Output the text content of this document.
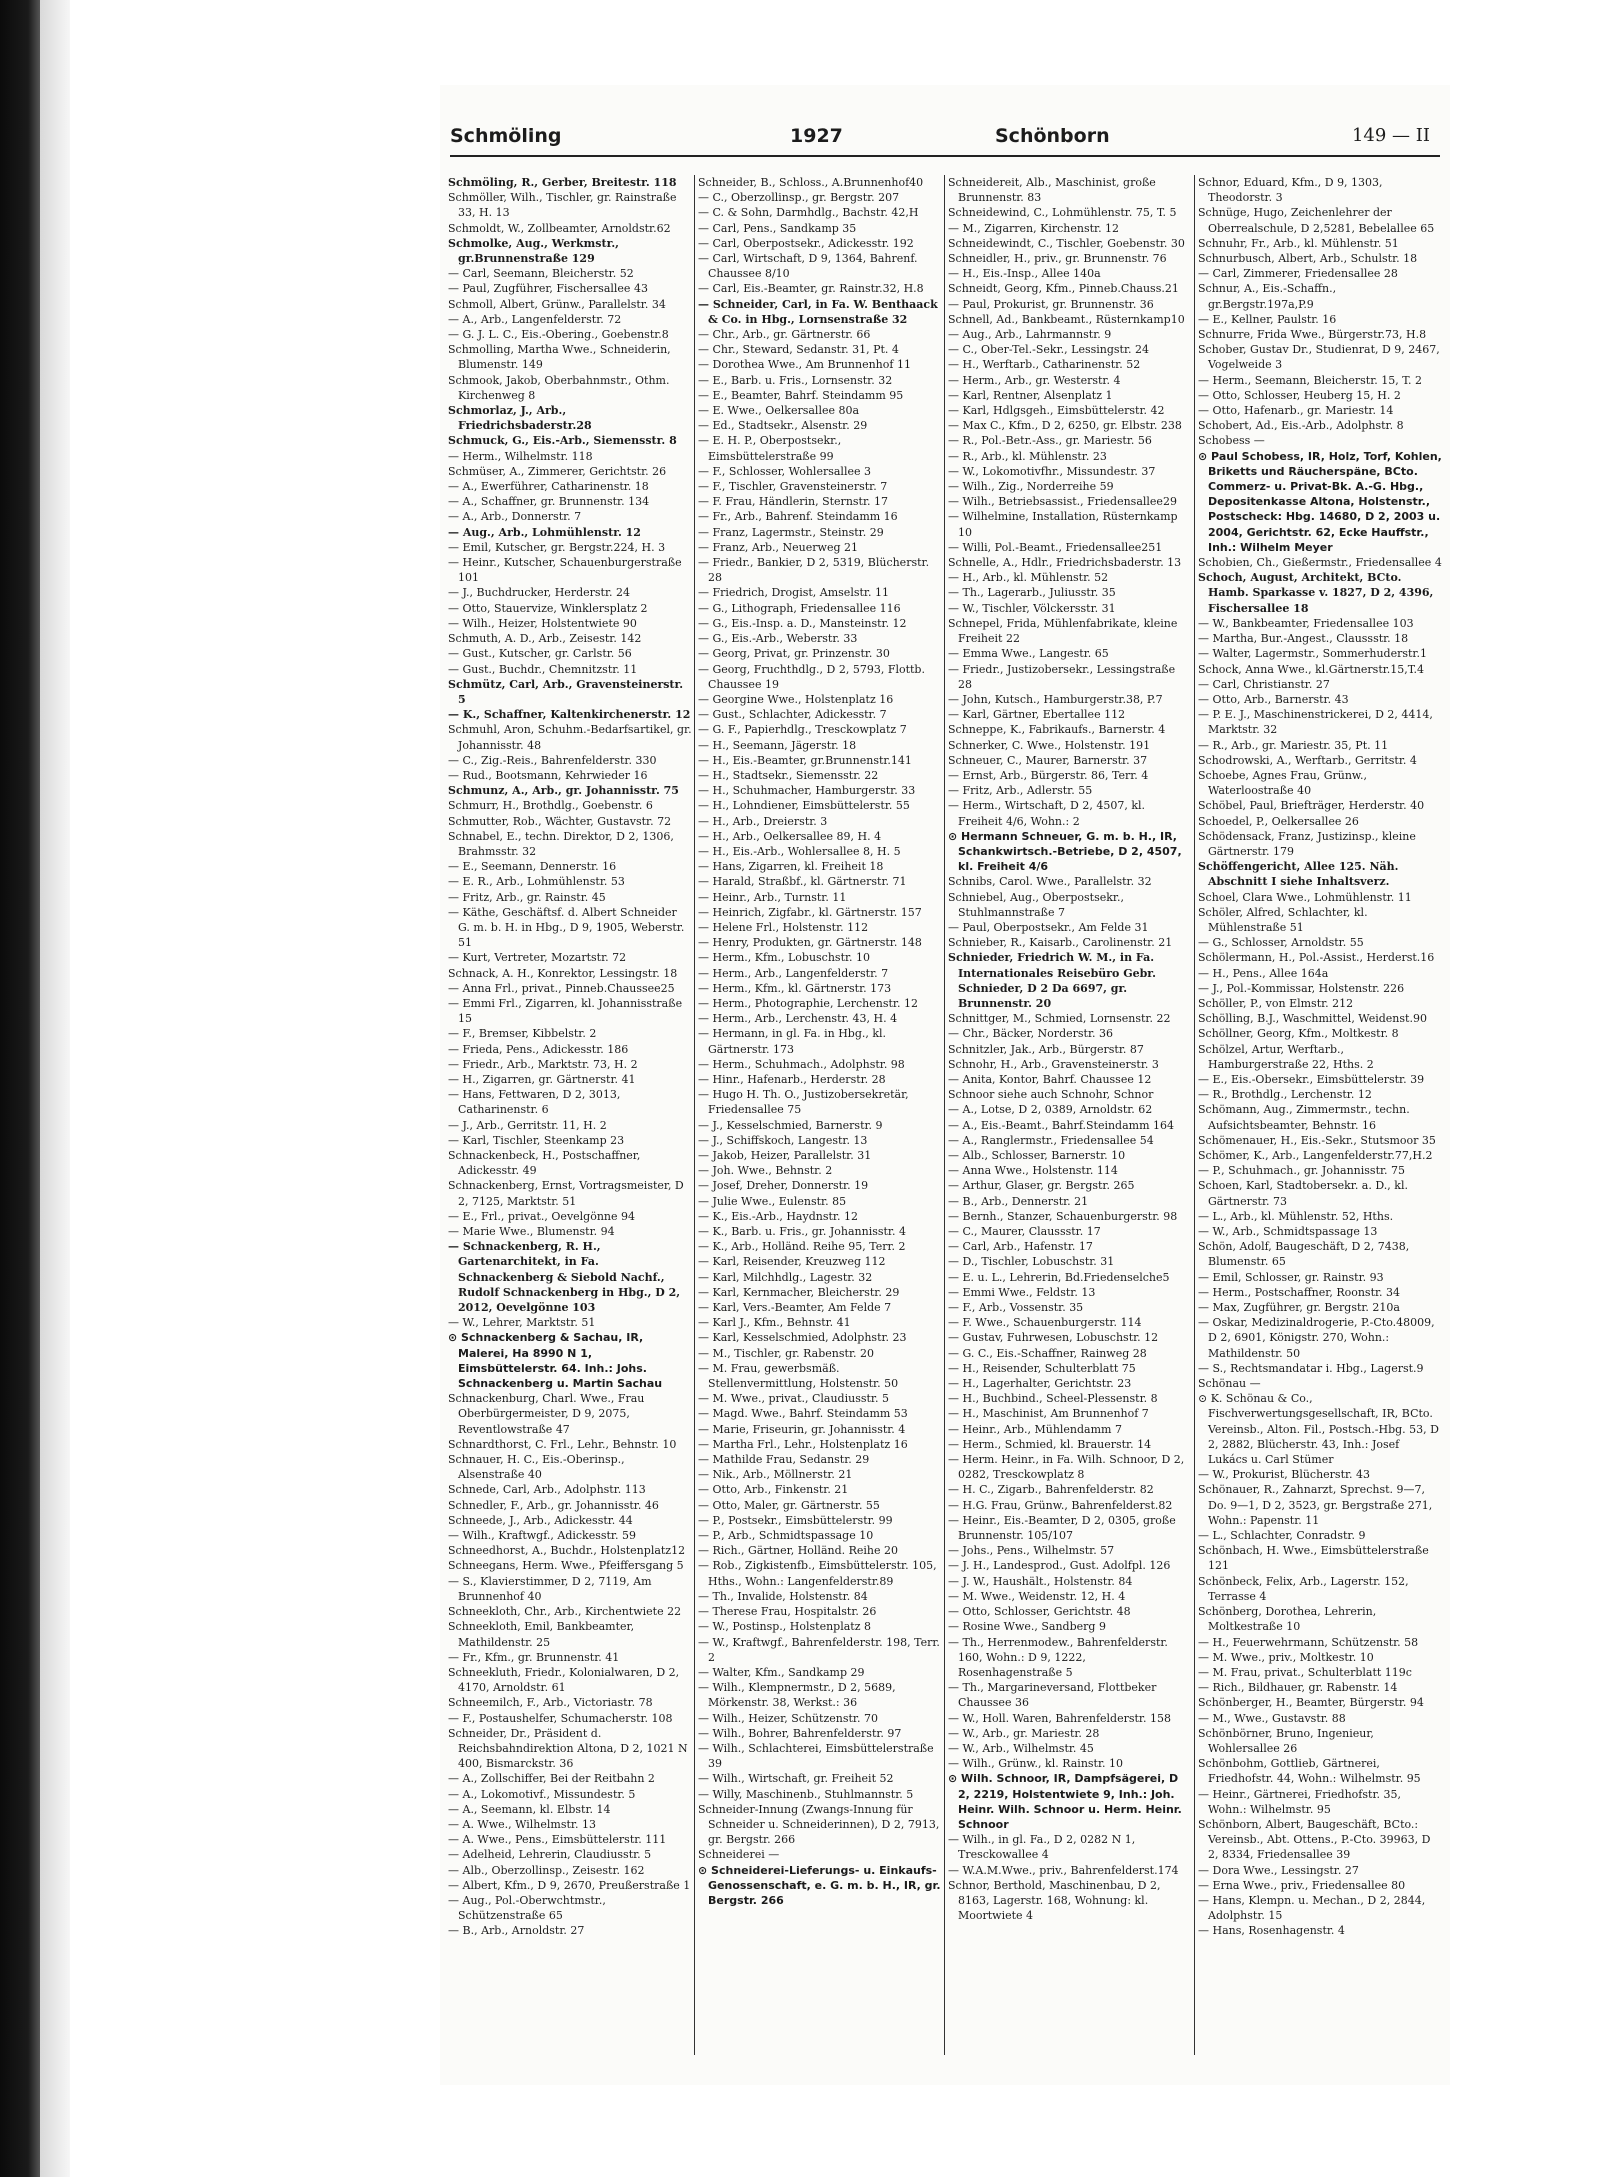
Schmöling	1927	Schönborn	149 — II

Schmöling, R., Gerber, Breitestr. 118

Schmöller, Wilh., Tischler, gr. Rainstraße 33, H. 13

Schmoldt, W., Zollbeamter, Arnoldstr.62

Schmolke, Aug., Werkmstr., gr.Brunnenstraße 129

— Carl, Seemann, Bleicherstr. 52

— Paul, Zugführer, Fischersallee 43

Schmoll, Albert, Grünw., Parallelstr. 34

— A., Arb., Langenfelderstr. 72

— G. J. L. C., Eis.-Obering., Goebenstr.8

Schmolling, Martha Wwe., Schneiderin, Blumenstr. 149

Schmook, Jakob, Oberbahnmstr., Othm. Kirchenweg 8

Schmorlaz, J., Arb., Friedrichsbaderstr.28

Schmuck, G., Eis.-Arb., Siemensstr. 8

— Herm., Wilhelmstr. 118

Schmüser, A., Zimmerer, Gerichtstr. 26

— A., Ewerführer, Catharinenstr. 18

— A., Schaffner, gr. Brunnenstr. 134

— A., Arb., Donnerstr. 7

— Aug., Arb., Lohmühlenstr. 12

— Emil, Kutscher, gr. Bergstr.224, H. 3

— Heinr., Kutscher, Schauenburgerstraße 101

— J., Buchdrucker, Herderstr. 24

— Otto, Stauervize, Winklersplatz 2

— Wilh., Heizer, Holstentwiete 90

Schmuth, A. D., Arb., Zeisestr. 142

— Gust., Kutscher, gr. Carlstr. 56

— Gust., Buchdr., Chemnitzstr. 11

Schmütz, Carl, Arb., Gravensteinerstr. 5

— K., Schaffner, Kaltenkirchenerstr. 12

Schmuhl, Aron, Schuhm.-Bedarfsartikel, gr. Johannisstr. 48

— C., Zig.-Reis., Bahrenfelderstr. 330

— Rud., Bootsmann, Kehrwieder 16

Schmunz, A., Arb., gr. Johannisstr. 75

Schmurr, H., Brothdlg., Goebenstr. 6

Schmutter, Rob., Wächter, Gustavstr. 72

Schnabel, E., techn. Direktor, D 2, 1306, Brahmsstr. 32

— E., Seemann, Dennerstr. 16

— E. R., Arb., Lohmühlenstr. 53

— Fritz, Arb., gr. Rainstr. 45

— Käthe, Geschäftsf. d. Albert Schneider G. m. b. H. in Hbg., D 9, 1905, Weberstr. 51

— Kurt, Vertreter, Mozartstr. 72

Schnack, A. H., Konrektor, Lessingstr. 18

— Anna Frl., privat., Pinneb.Chaussee25

— Emmi Frl., Zigarren, kl. Johannisstraße 15

— F., Bremser, Kibbelstr. 2

— Frieda, Pens., Adickesstr. 186

— Friedr., Arb., Marktstr. 73, H. 2

— H., Zigarren, gr. Gärtnerstr. 41

— Hans, Fettwaren, D 2, 3013, Catharinenstr. 6

— J., Arb., Gerritstr. 11, H. 2

— Karl, Tischler, Steenkamp 23

Schnackenbeck, H., Postschaffner, Adickesstr. 49

Schnackenberg, Ernst, Vortragsmeister, D 2, 7125, Marktstr. 51

— E., Frl., privat., Oevelgönne 94

— Marie Wwe., Blumenstr. 94

— Schnackenberg, R. H., Gartenarchitekt, in Fa. Schnackenberg & Siebold Nachf., Rudolf Schnackenberg in Hbg., D 2, 2012, Oevelgönne 103

— W., Lehrer, Marktstr. 51

⊙ Schnackenberg & Sachau, IR, Malerei, Ha 8990 N 1, Eimsbüttelerstr. 64. Inh.: Johs. Schnackenberg u. Martin Sachau

Schnackenburg, Charl. Wwe., Frau Oberbürgermeister, D 9, 2075, Reventlowstraße 47

Schnardthorst, C. Frl., Lehr., Behnstr. 10

Schnauer, H. C., Eis.-Oberinsp., Alsenstraße 40

Schnede, Carl, Arb., Adolphstr. 113

Schnedler, F., Arb., gr. Johannisstr. 46

Schneede, J., Arb., Adickesstr. 44

— Wilh., Kraftwgf., Adickesstr. 59

Schneedhorst, A., Buchdr., Holstenplatz12

Schneegans, Herm. Wwe., Pfeiffersgang 5

— S., Klavierstimmer, D 2, 7119, Am Brunnenhof 40

Schneekloth, Chr., Arb., Kirchentwiete 22

Schneekloth, Emil, Bankbeamter, Mathildenstr. 25

— Fr., Kfm., gr. Brunnenstr. 41

Schneekluth, Friedr., Kolonialwaren, D 2, 4170, Arnoldstr. 61

Schneemilch, F., Arb., Victoriastr. 78

— F., Postaushelfer, Schumacherstr. 108

Schneider, Dr., Präsident d. Reichsbahndirektion Altona, D 2, 1021 N 400, Bismarckstr. 36

— A., Zollschiffer, Bei der Reitbahn 2

— A., Lokomotivf., Missundestr. 5

— A., Seemann, kl. Elbstr. 14

— A. Wwe., Wilhelmstr. 13

— A. Wwe., Pens., Eimsbüttelerstr. 111

— Adelheid, Lehrerin, Claudiusstr. 5

— Alb., Oberzollinsp., Zeisestr. 162

— Albert, Kfm., D 9, 2670, Preußerstraße 1

— Aug., Pol.-Oberwchtmstr., Schützenstraße 65

— B., Arb., Arnoldstr. 27

Schneider, B., Schloss., A.Brunnenhof40

— C., Oberzollinsp., gr. Bergstr. 207

— C. & Sohn, Darmhdlg., Bachstr. 42,H

— Carl, Pens., Sandkamp 35

— Carl, Oberpostsekr., Adickesstr. 192

— Carl, Wirtschaft, D 9, 1364, Bahrenf. Chaussee 8/10

— Carl, Eis.-Beamter, gr. Rainstr.32, H.8

— Schneider, Carl, in Fa. W. Benthaack & Co. in Hbg., Lornsenstraße 32

— Chr., Arb., gr. Gärtnerstr. 66

— Chr., Steward, Sedanstr. 31, Pt. 4

— Dorothea Wwe., Am Brunnenhof 11

— E., Barb. u. Fris., Lornsenstr. 32

— E., Beamter, Bahrf. Steindamm 95

— E. Wwe., Oelkersallee 80a

— Ed., Stadtsekr., Alsenstr. 29

— E. H. P., Oberpostsekr., Eimsbüttelerstraße 99

— F., Schlosser, Wohlersallee 3

— F., Tischler, Gravensteinerstr. 7

— F. Frau, Händlerin, Sternstr. 17

— Fr., Arb., Bahrenf. Steindamm 16

— Franz, Lagermstr., Steinstr. 29

— Franz, Arb., Neuerweg 21

— Friedr., Bankier, D 2, 5319, Blücherstr. 28

— Friedrich, Drogist, Amselstr. 11

— G., Lithograph, Friedensallee 116

— G., Eis.-Insp. a. D., Mansteinstr. 12

— G., Eis.-Arb., Weberstr. 33

— Georg, Privat, gr. Prinzenstr. 30

— Georg, Fruchthdlg., D 2, 5793, Flottb. Chaussee 19

— Georgine Wwe., Holstenplatz 16

— Gust., Schlachter, Adickesstr. 7

— G. F., Papierhdlg., Tresckowplatz 7

— H., Seemann, Jägerstr. 18

— H., Eis.-Beamter, gr.Brunnenstr.141

— H., Stadtsekr., Siemensstr. 22

— H., Schuhmacher, Hamburgerstr. 33

— H., Lohndiener, Eimsbüttelerstr. 55

— H., Arb., Dreierstr. 3

— H., Arb., Oelkersallee 89, H. 4

— H., Eis.-Arb., Wohlersallee 8, H. 5

— Hans, Zigarren, kl. Freiheit 18

— Harald, Straßbf., kl. Gärtnerstr. 71

— Heinr., Arb., Turnstr. 11

— Heinrich, Zigfabr., kl. Gärtnerstr. 157

— Helene Frl., Holstenstr. 112

— Henry, Produkten, gr. Gärtnerstr. 148

— Herm., Kfm., Lobuschstr. 10

— Herm., Arb., Langenfelderstr. 7

— Herm., Kfm., kl. Gärtnerstr. 173

— Herm., Photographie, Lerchenstr. 12

— Herm., Arb., Lerchenstr. 43, H. 4

— Hermann, in gl. Fa. in Hbg., kl. Gärtnerstr. 173

— Herm., Schuhmach., Adolphstr. 98

— Hinr., Hafenarb., Herderstr. 28

— Hugo H. Th. O., Justizobersekretär, Friedensallee 75

— J., Kesselschmied, Barnerstr. 9

— J., Schiffskoch, Langestr. 13

— Jakob, Heizer, Parallelstr. 31

— Joh. Wwe., Behnstr. 2

— Josef, Dreher, Donnerstr. 19

— Julie Wwe., Eulenstr. 85

— K., Eis.-Arb., Haydnstr. 12

— K., Barb. u. Fris., gr. Johannisstr. 4

— K., Arb., Holländ. Reihe 95, Terr. 2

— Karl, Reisender, Kreuzweg 112

— Karl, Milchhdlg., Lagestr. 32

— Karl, Kernmacher, Bleicherstr. 29

— Karl, Vers.-Beamter, Am Felde 7

— Karl J., Kfm., Behnstr. 41

— Karl, Kesselschmied, Adolphstr. 23

— M., Tischler, gr. Rabenstr. 20

— M. Frau, gewerbsmäß. Stellenvermittlung, Holstenstr. 50

— M. Wwe., privat., Claudiusstr. 5

— Magd. Wwe., Bahrf. Steindamm 53

— Marie, Friseurin, gr. Johannisstr. 4

— Martha Frl., Lehr., Holstenplatz 16

— Mathilde Frau, Sedanstr. 29

— Nik., Arb., Möllnerstr. 21

— Otto, Arb., Finkenstr. 21

— Otto, Maler, gr. Gärtnerstr. 55

— P., Postsekr., Eimsbüttelerstr. 99

— P., Arb., Schmidtspassage 10

— Rich., Gärtner, Holländ. Reihe 20

— Rob., Zigkistenfb., Eimsbüttelerstr. 105, Hths., Wohn.: Langenfelderstr.89

— Th., Invalide, Holstenstr. 84

— Therese Frau, Hospitalstr. 26

— W., Postinsp., Holstenplatz 8

— W., Kraftwgf., Bahrenfelderstr. 198, Terr. 2

— Walter, Kfm., Sandkamp 29

— Wilh., Klempnermstr., D 2, 5689, Mörkenstr. 38, Werkst.: 36

— Wilh., Heizer, Schützenstr. 70

— Wilh., Bohrer, Bahrenfelderstr. 97

— Wilh., Schlachterei, Eimsbüttelerstraße 39

— Wilh., Wirtschaft, gr. Freiheit 52

— Willy, Maschinenb., Stuhlmannstr. 5

Schneider-Innung (Zwangs-Innung für Schneider u. Schneiderinnen), D 2, 7913, gr. Bergstr. 266

Schneiderei —

⊙ Schneiderei-Lieferungs- u. Einkaufs-Genossenschaft, e. G. m. b. H., IR, gr. Bergstr. 266

Schneidereit, Alb., Maschinist, große Brunnenstr. 83

Schneidewind, C., Lohmühlenstr. 75, T. 5

— M., Zigarren, Kirchenstr. 12

Schneidewindt, C., Tischler, Goebenstr. 30

Schneidler, H., priv., gr. Brunnenstr. 76

— H., Eis.-Insp., Allee 140a

Schneidt, Georg, Kfm., Pinneb.Chauss.21

— Paul, Prokurist, gr. Brunnenstr. 36

Schnell, Ad., Bankbeamt., Rüsternkamp10

— Aug., Arb., Lahrmannstr. 9

— C., Ober-Tel.-Sekr., Lessingstr. 24

— H., Werftarb., Catharinenstr. 52

— Herm., Arb., gr. Westerstr. 4

— Karl, Rentner, Alsenplatz 1

— Karl, Hdlgsgeh., Eimsbüttelerstr. 42

— Max C., Kfm., D 2, 6250, gr. Elbstr. 238

— R., Pol.-Betr.-Ass., gr. Mariestr. 56

— R., Arb., kl. Mühlenstr. 23

— W., Lokomotivfhr., Missundestr. 37

— Wilh., Zig., Norderreihe 59

— Wilh., Betriebsassist., Friedensallee29

— Wilhelmine, Installation, Rüsternkamp 10

— Willi, Pol.-Beamt., Friedensallee251

Schnelle, A., Hdlr., Friedrichsbaderstr. 13

— H., Arb., kl. Mühlenstr. 52

— Th., Lagerarb., Juliusstr. 35

— W., Tischler, Völckersstr. 31

Schnepel, Frida, Mühlenfabrikate, kleine Freiheit 22

— Emma Wwe., Langestr. 65

— Friedr., Justizobersekr., Lessingstraße 28

— John, Kutsch., Hamburgerstr.38, P.7

— Karl, Gärtner, Ebertallee 112

Schneppe, K., Fabrikaufs., Barnerstr. 4

Schnerker, C. Wwe., Holstenstr. 191

Schneuer, C., Maurer, Barnerstr. 37

— Ernst, Arb., Bürgerstr. 86, Terr. 4

— Fritz, Arb., Adlerstr. 55

— Herm., Wirtschaft, D 2, 4507, kl. Freiheit 4/6, Wohn.: 2

⊙ Hermann Schneuer, G. m. b. H., IR, Schankwirtsch.-Betriebe, D 2, 4507, kl. Freiheit 4/6

Schnibs, Carol. Wwe., Parallelstr. 32

Schniebel, Aug., Oberpostsekr., Stuhlmannstraße 7

— Paul, Oberpostsekr., Am Felde 31

Schnieber, R., Kaisarb., Carolinenstr. 21

Schnieder, Friedrich W. M., in Fa. Internationales Reisebüro Gebr. Schnieder, D 2 Da 6697, gr. Brunnenstr. 20

Schnittger, M., Schmied, Lornsenstr. 22

— Chr., Bäcker, Norderstr. 36

Schnitzler, Jak., Arb., Bürgerstr. 87

Schnohr, H., Arb., Gravensteinerstr. 3

— Anita, Kontor, Bahrf. Chaussee 12

Schnoor siehe auch Schnohr, Schnor

— A., Lotse, D 2, 0389, Arnoldstr. 62

— A., Eis.-Beamt., Bahrf.Steindamm 164

— A., Ranglermstr., Friedensallee 54

— Alb., Schlosser, Barnerstr. 10

— Anna Wwe., Holstenstr. 114

— Arthur, Glaser, gr. Bergstr. 265

— B., Arb., Dennerstr. 21

— Bernh., Stanzer, Schauenburgerstr. 98

— C., Maurer, Claussstr. 17

— Carl, Arb., Hafenstr. 17

— D., Tischler, Lobuschstr. 31

— E. u. L., Lehrerin, Bd.Friedenselche5

— Emmi Wwe., Feldstr. 13

— F., Arb., Vossenstr. 35

— F. Wwe., Schauenburgerstr. 114

— Gustav, Fuhrwesen, Lobuschstr. 12

— G. C., Eis.-Schaffner, Rainweg 28

— H., Reisender, Schulterblatt 75

— H., Lagerhalter, Gerichtstr. 23

— H., Buchbind., Scheel-Plessenstr. 8

— H., Maschinist, Am Brunnenhof 7

— Heinr., Arb., Mühlendamm 7

— Herm., Schmied, kl. Brauerstr. 14

— Herm. Heinr., in Fa. Wilh. Schnoor, D 2, 0282, Tresckowplatz 8

— H. C., Zigarb., Bahrenfelderstr. 82

— H.G. Frau, Grünw., Bahrenfelderst.82

— Heinr., Eis.-Beamter, D 2, 0305, große Brunnenstr. 105/107

— Johs., Pens., Wilhelmstr. 57

— J. H., Landesprod., Gust. Adolfpl. 126

— J. W., Haushält., Holstenstr. 84

— M. Wwe., Weidenstr. 12, H. 4

— Otto, Schlosser, Gerichtstr. 48

— Rosine Wwe., Sandberg 9

— Th., Herrenmodew., Bahrenfelderstr. 160, Wohn.: D 9, 1222, Rosenhagenstraße 5

— Th., Margarineversand, Flottbeker Chaussee 36

— W., Holl. Waren, Bahrenfelderstr. 158

— W., Arb., gr. Mariestr. 28

— W., Arb., Wilhelmstr. 45

— Wilh., Grünw., kl. Rainstr. 10

⊙ Wilh. Schnoor, IR, Dampfsägerei, D 2, 2219, Holstentwiete 9, Inh.: Joh. Heinr. Wilh. Schnoor u. Herm. Heinr. Schnoor

— Wilh., in gl. Fa., D 2, 0282 N 1, Tresckowallee 4

— W.A.M.Wwe., priv., Bahrenfelderst.174

Schnor, Berthold, Maschinenbau, D 2, 8163, Lagerstr. 168, Wohnung: kl. Moortwiete 4

Schnor, Eduard, Kfm., D 9, 1303, Theodorstr. 3

Schnüge, Hugo, Zeichenlehrer der Oberrealschule, D 2,5281, Bebelallee 65

Schnuhr, Fr., Arb., kl. Mühlenstr. 51

Schnurbusch, Albert, Arb., Schulstr. 18

— Carl, Zimmerer, Friedensallee 28

Schnur, A., Eis.-Schaffn., gr.Bergstr.197a,P.9

— E., Kellner, Paulstr. 16

Schnurre, Frida Wwe., Bürgerstr.73, H.8

Schober, Gustav Dr., Studienrat, D 9, 2467, Vogelweide 3

— Herm., Seemann, Bleicherstr. 15, T. 2

— Otto, Schlosser, Heuberg 15, H. 2

— Otto, Hafenarb., gr. Mariestr. 14

Schobert, Ad., Eis.-Arb., Adolphstr. 8

Schobess —

⊙ Paul Schobess, IR, Holz, Torf, Kohlen, Briketts und Räucherspäne, BCto. Commerz- u. Privat-Bk. A.-G. Hbg., Depositenkasse Altona, Holstenstr., Postscheck: Hbg. 14680, D 2, 2003 u. 2004, Gerichtstr. 62, Ecke Hauffstr., Inh.: Wilhelm Meyer

Schobien, Ch., Gießermstr., Friedensallee 4

Schoch, August, Architekt, BCto. Hamb. Sparkasse v. 1827, D 2, 4396, Fischersallee 18

— W., Bankbeamter, Friedensallee 103

— Martha, Bur.-Angest., Claussstr. 18

— Walter, Lagermstr., Sommerhuderstr.1

Schock, Anna Wwe., kl.Gärtnerstr.15,T.4

— Carl, Christianstr. 27

— Otto, Arb., Barnerstr. 43

— P. E. J., Maschinenstrickerei, D 2, 4414, Marktstr. 32

— R., Arb., gr. Mariestr. 35, Pt. 11

Schodrowski, A., Werftarb., Gerritstr. 4

Schoebe, Agnes Frau, Grünw., Waterloostraße 40

Schöbel, Paul, Briefträger, Herderstr. 40

Schoedel, P., Oelkersallee 26

Schödensack, Franz, Justizinsp., kleine Gärtnerstr. 179

Schöffengericht, Allee 125. Näh. Abschnitt I siehe Inhaltsverz.

Schoel, Clara Wwe., Lohmühlenstr. 11

Schöler, Alfred, Schlachter, kl. Mühlenstraße 51

— G., Schlosser, Arnoldstr. 55

Schölermann, H., Pol.-Assist., Herderst.16

— H., Pens., Allee 164a

— J., Pol.-Kommissar, Holstenstr. 226

Schöller, P., von Elmstr. 212

Schölling, B.J., Waschmittel, Weidenst.90

Schöllner, Georg, Kfm., Moltkestr. 8

Schölzel, Artur, Werftarb., Hamburgerstraße 22, Hths. 2

— E., Eis.-Obersekr., Eimsbüttelerstr. 39

— R., Brothdlg., Lerchenstr. 12

Schömann, Aug., Zimmermstr., techn. Aufsichtsbeamter, Behnstr. 16

Schömenauer, H., Eis.-Sekr., Stutsmoor 35

Schömer, K., Arb., Langenfelderstr.77,H.2

— P., Schuhmach., gr. Johannisstr. 75

Schoen, Karl, Stadtobersekr. a. D., kl. Gärtnerstr. 73

— L., Arb., kl. Mühlenstr. 52, Hths.

— W., Arb., Schmidtspassage 13

Schön, Adolf, Baugeschäft, D 2, 7438, Blumenstr. 65

— Emil, Schlosser, gr. Rainstr. 93

— Herm., Postschaffner, Roonstr. 34

— Max, Zugführer, gr. Bergstr. 210a

— Oskar, Medizinaldrogerie, P.-Cto.48009, D 2, 6901, Königstr. 270, Wohn.: Mathildenstr. 50

— S., Rechtsmandatar i. Hbg., Lagerst.9

Schönau —

⊙ K. Schönau & Co., Fischverwertungsgesellschaft, IR, BCto. Vereinsb., Alton. Fil., Postsch.-Hbg. 53, D 2, 2882, Blücherstr. 43, Inh.: Josef Lukács u. Carl Stümer

— W., Prokurist, Blücherstr. 43

Schönauer, R., Zahnarzt, Sprechst. 9—7, Do. 9—1, D 2, 3523, gr. Bergstraße 271, Wohn.: Papenstr. 11

— L., Schlachter, Conradstr. 9

Schönbach, H. Wwe., Eimsbüttelerstraße 121

Schönbeck, Felix, Arb., Lagerstr. 152, Terrasse 4

Schönberg, Dorothea, Lehrerin, Moltkestraße 10

— H., Feuerwehrmann, Schützenstr. 58

— M. Wwe., priv., Moltkestr. 10

— M. Frau, privat., Schulterblatt 119c

— Rich., Bildhauer, gr. Rabenstr. 14

Schönberger, H., Beamter, Bürgerstr. 94

— M., Wwe., Gustavstr. 88

Schönbörner, Bruno, Ingenieur, Wohlersallee 26

Schönbohm, Gottlieb, Gärtnerei, Friedhofstr. 44, Wohn.: Wilhelmstr. 95

— Heinr., Gärtnerei, Friedhofstr. 35, Wohn.: Wilhelmstr. 95

Schönborn, Albert, Baugeschäft, BCto.: Vereinsb., Abt. Ottens., P.-Cto. 39963, D 2, 8334, Friedensallee 39

— Dora Wwe., Lessingstr. 27

— Erna Wwe., priv., Friedensallee 80

— Hans, Klempn. u. Mechan., D 2, 2844, Adolphstr. 15

— Hans, Rosenhagenstr. 4
